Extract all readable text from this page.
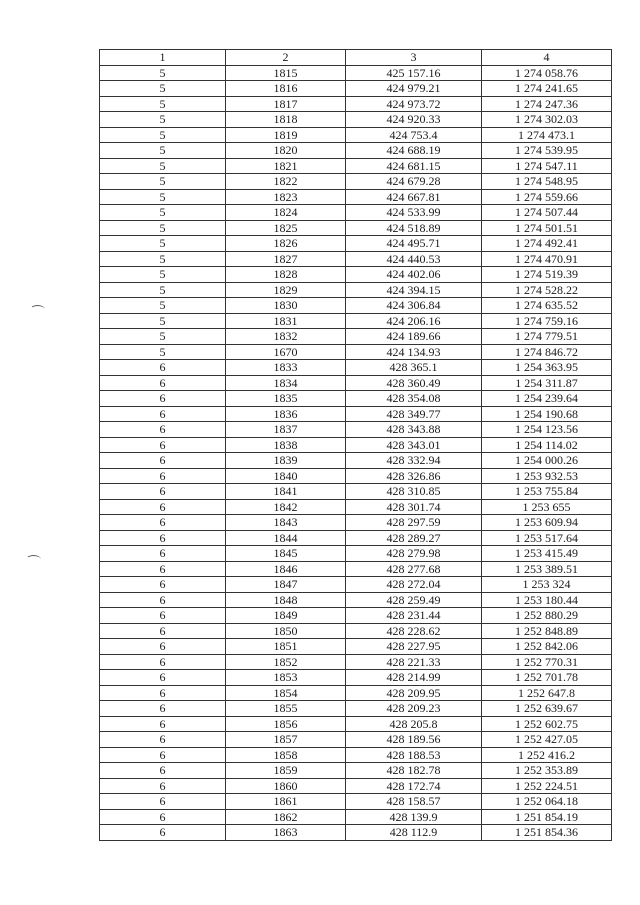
1	2	3	4
5	1815	425 157.16	1 274 058.76
5	1816	424 979.21	1 274 241.65
5	1817	424 973.72	1 274 247.36
5	1818	424 920.33	1 274 302.03
5	1819	424 753.4	1 274 473.1
5	1820	424 688.19	1 274 539.95
5	1821	424 681.15	1 274 547.11
5	1822	424 679.28	1 274 548.95
5	1823	424 667.81	1 274 559.66
5	1824	424 533.99	1 274 507.44
5	1825	424 518.89	1 274 501.51
5	1826	424 495.71	1 274 492.41
5	1827	424 440.53	1 274 470.91
5	1828	424 402.06	1 274 519.39
5	1829	424 394.15	1 274 528.22
5	1830	424 306.84	1 274 635.52
5	1831	424 206.16	1 274 759.16
5	1832	424 189.66	1 274 779.51
5	1670	424 134.93	1 274 846.72
6	1833	428 365.1	1 254 363.95
6	1834	428 360.49	1 254 311.87
6	1835	428 354.08	1 254 239.64
6	1836	428 349.77	1 254 190.68
6	1837	428 343.88	1 254 123.56
6	1838	428 343.01	1 254 114.02
6	1839	428 332.94	1 254 000.26
6	1840	428 326.86	1 253 932.53
6	1841	428 310.85	1 253 755.84
6	1842	428 301.74	1 253 655
6	1843	428 297.59	1 253 609.94
6	1844	428 289.27	1 253 517.64
6	1845	428 279.98	1 253 415.49
6	1846	428 277.68	1 253 389.51
6	1847	428 272.04	1 253 324
6	1848	428 259.49	1 253 180.44
6	1849	428 231.44	1 252 880.29
6	1850	428 228.62	1 252 848.89
6	1851	428 227.95	1 252 842.06
6	1852	428 221.33	1 252 770.31
6	1853	428 214.99	1 252 701.78
6	1854	428 209.95	1 252 647.8
6	1855	428 209.23	1 252 639.67
6	1856	428 205.8	1 252 602.75
6	1857	428 189.56	1 252 427.05
6	1858	428 188.53	1 252 416.2
6	1859	428 182.78	1 252 353.89
6	1860	428 172.74	1 252 224.51
6	1861	428 158.57	1 252 064.18
6	1862	428 139.9	1 251 854.19
6	1863	428 112.9	1 251 854.36
